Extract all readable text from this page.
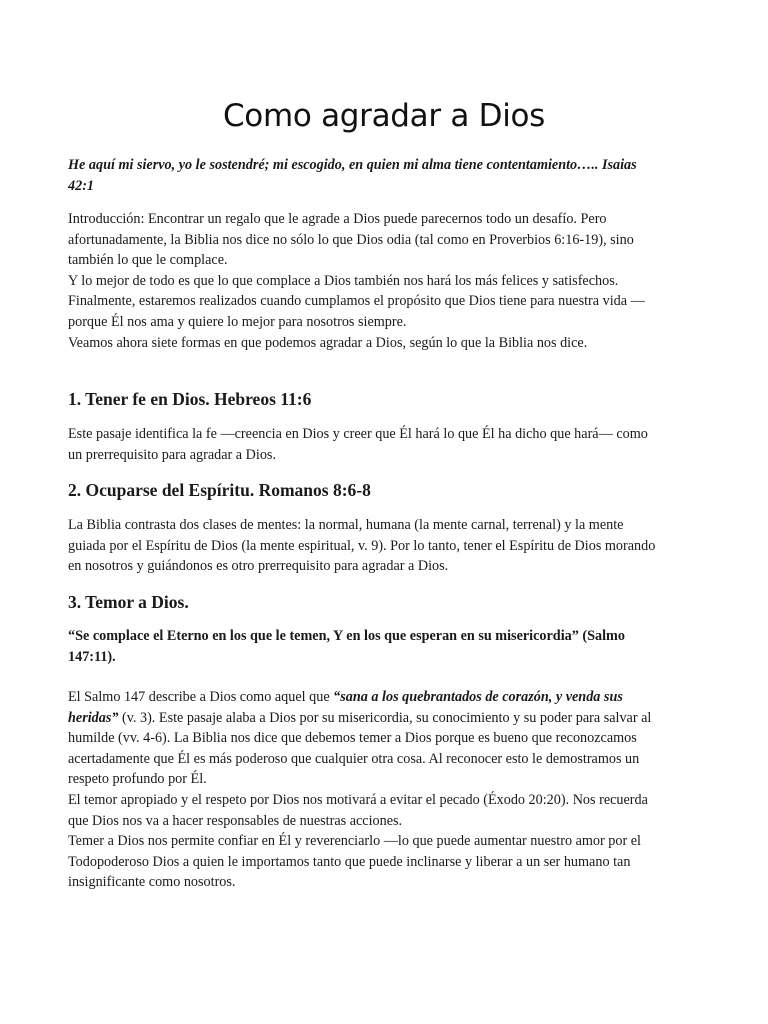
Como agradar a Dios
He aquí mi siervo, yo le sostendré; mi escogido, en quien mi alma tiene contentamiento….. Isaias
42:1
Introducción: Encontrar un regalo que le agrade a Dios puede parecernos todo un desafío. Pero
afortunadamente, la Biblia nos dice no sólo lo que Dios odia (tal como en Proverbios 6:16-19), sino
también lo que le complace.
Y lo mejor de todo es que lo que complace a Dios también nos hará los más felices y satisfechos.
Finalmente, estaremos realizados cuando cumplamos el propósito que Dios tiene para nuestra vida —
porque Él nos ama y quiere lo mejor para nosotros siempre.
Veamos ahora siete formas en que podemos agradar a Dios, según lo que la Biblia nos dice.
1. Tener fe en Dios. Hebreos 11:6
Este pasaje identifica la fe —creencia en Dios y creer que Él hará lo que Él ha dicho que hará— como
un prerrequisito para agradar a Dios.
2. Ocuparse del Espíritu. Romanos 8:6-8
La Biblia contrasta dos clases de mentes: la normal, humana (la mente carnal, terrenal) y la mente
guiada por el Espíritu de Dios (la mente espiritual, v. 9). Por lo tanto, tener el Espíritu de Dios morando
en nosotros y guiándonos es otro prerrequisito para agradar a Dios.
3. Temor a Dios.
“Se complace el Eterno en los que le temen, Y en los que esperan en su misericordia” (Salmo
147:11).
El Salmo 147 describe a Dios como aquel que “sana a los quebrantados de corazón, y venda sus
heridas” (v. 3). Este pasaje alaba a Dios por su misericordia, su conocimiento y su poder para salvar al
humilde (vv. 4-6). La Biblia nos dice que debemos temer a Dios porque es bueno que reconozcamos
acertadamente que Él es más poderoso que cualquier otra cosa. Al reconocer esto le demostramos un
respeto profundo por Él.
El temor apropiado y el respeto por Dios nos motivará a evitar el pecado (Éxodo 20:20). Nos recuerda
que Dios nos va a hacer responsables de nuestras acciones.
Temer a Dios nos permite confiar en Él y reverenciarlo —lo que puede aumentar nuestro amor por el
Todopoderoso Dios a quien le importamos tanto que puede inclinarse y liberar a un ser humano tan
insignificante como nosotros.
